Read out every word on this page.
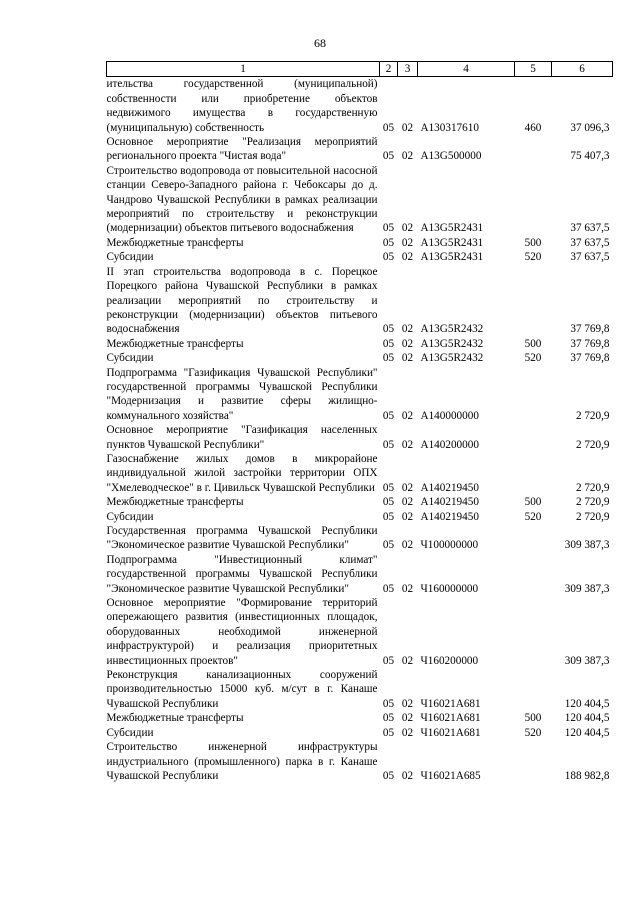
68
1	2	3	4	5	6
ительства государственной (муниципальной) собственности или приобретение объектов недвижимого имущества в государственную (муниципальную) собственность	05	02	А130317610	460	37 096,3
Основное мероприятие "Реализация мероприятий регионального проекта "Чистая вода"	05	02	А13G500000		75 407,3
Строительство водопровода от повысительной насосной станции Северо-Западного района г. Чебоксары до д. Чандрово Чувашской Республики в рамках реализации мероприятий по строительству и реконструкции (модернизации) объектов питьевого водоснабжения	05	02	А13G5R2431		37 637,5
Межбюджетные трансферты	05	02	А13G5R2431	500	37 637,5
Субсидии	05	02	А13G5R2431	520	37 637,5
II этап строительства водопровода в с. Порецкое Порецкого района Чувашской Республики в рамках реализации мероприятий по строительству и реконструкции (модернизации) объектов питьевого водоснабжения	05	02	А13G5R2432		37 769,8
Межбюджетные трансферты	05	02	А13G5R2432	500	37 769,8
Субсидии	05	02	А13G5R2432	520	37 769,8
Подпрограмма "Газификация Чувашской Республики" государственной программы Чувашской Республики "Модернизация и развитие сферы жилищно-коммунального хозяйства"	05	02	А140000000		2 720,9
Основное мероприятие "Газификация населенных пунктов Чувашской Республики"	05	02	А140200000		2 720,9
Газоснабжение жилых домов в микрорайоне индивидуальной жилой застройки территории ОПХ "Хмелеводческое" в г. Цивильск Чувашской Республики	05	02	А140219450		2 720,9
Межбюджетные трансферты	05	02	А140219450	500	2 720,9
Субсидии	05	02	А140219450	520	2 720,9
Государственная программа Чувашской Республики "Экономическое развитие Чувашской Республики"	05	02	Ч100000000		309 387,3
Подпрограмма "Инвестиционный климат" государственной программы Чувашской Республики "Экономическое развитие Чувашской Республики"	05	02	Ч160000000		309 387,3
Основное мероприятие "Формирование территорий опережающего развития (инвестиционных площадок, оборудованных необходимой инженерной инфраструктурой) и реализация приоритетных инвестиционных проектов"	05	02	Ч160200000		309 387,3
Реконструкция канализационных сооружений производительностью 15000 куб. м/сут в г. Канаше Чувашской Республики	05	02	Ч16021А681		120 404,5
Межбюджетные трансферты	05	02	Ч16021А681	500	120 404,5
Субсидии	05	02	Ч16021А681	520	120 404,5
Строительство инженерной инфраструктуры индустриального (промышленного) парка в г. Канаше Чувашской Республики	05	02	Ч16021А685		188 982,8
